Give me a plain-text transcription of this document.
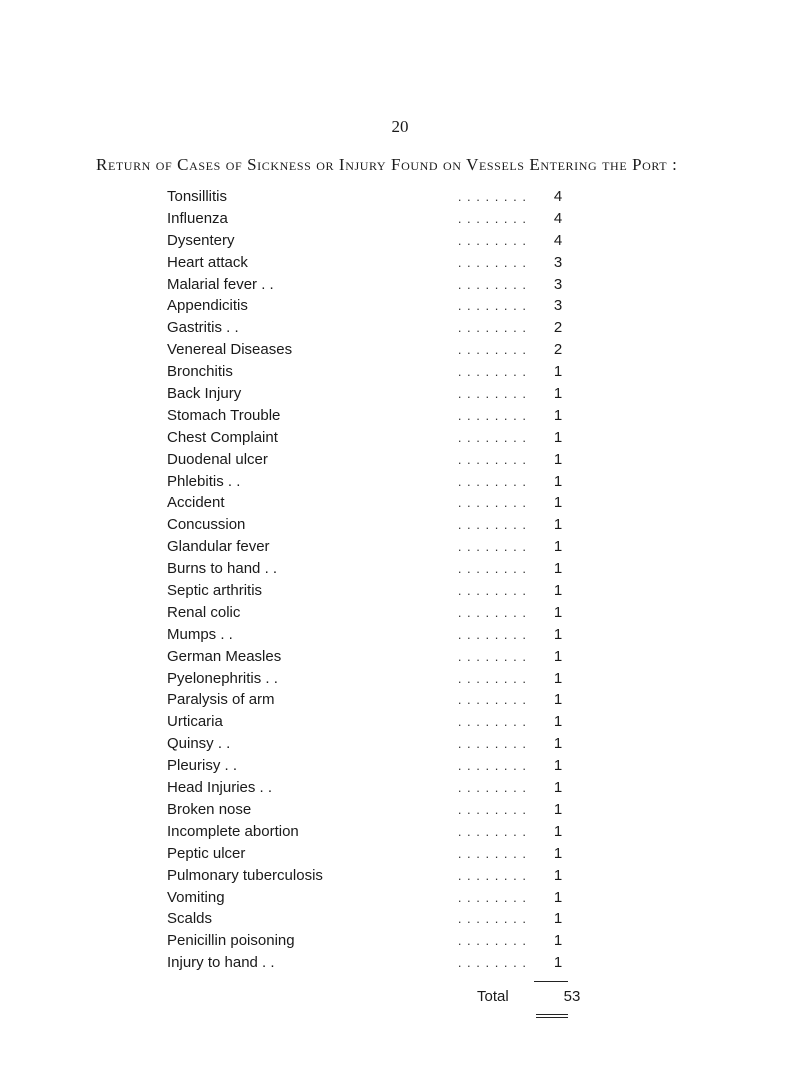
20
Return of Cases of Sickness or Injury Found on Vessels Entering the Port :
. . . . . . . .
Tonsillitis	4
. . . . . . . .
Influenza	4
. . . . . . . .
Dysentery	4
. . . . . . . .
Heart attack	3
. . . . . . . .
Malarial fever . .	3
. . . . . . . .
Appendicitis	3
. . . . . . . .
Gastritis . .	2
. . . . . . . .
Venereal Diseases	2
. . . . . . . .
Bronchitis	1
. . . . . . . .
Back Injury	1
. . . . . . . .
Stomach Trouble	1
. . . . . . . .
Chest Complaint	1
. . . . . . . .
Duodenal ulcer	1
. . . . . . . .
Phlebitis . .	1
. . . . . . . .
Accident	1
. . . . . . . .
Concussion	1
. . . . . . . .
Glandular fever	1
. . . . . . . .
Burns to hand . .	1
. . . . . . . .
Septic arthritis	1
. . . . . . . .
Renal colic	1
. . . . . . . .
Mumps . .	1
. . . . . . . .
German Measles	1
. . . . . . . .
Pyelonephritis . .	1
. . . . . . . .
Paralysis of arm	1
. . . . . . . .
Urticaria	1
. . . . . . . .
Quinsy . .	1
. . . . . . . .
Pleurisy . .	1
. . . . . . . .
Head Injuries . .	1
. . . . . . . .
Broken nose	1
. . . . . . . .
Incomplete abortion	1
. . . . . . . .
Peptic ulcer	1
. . . . . . . .
Pulmonary tuberculosis	1
. . . . . . . .
Vomiting	1
. . . . . . . .
Scalds	1
. . . . . . . .
Penicillin poisoning	1
. . . . . . . .
Injury to hand . .	1
Total	53
